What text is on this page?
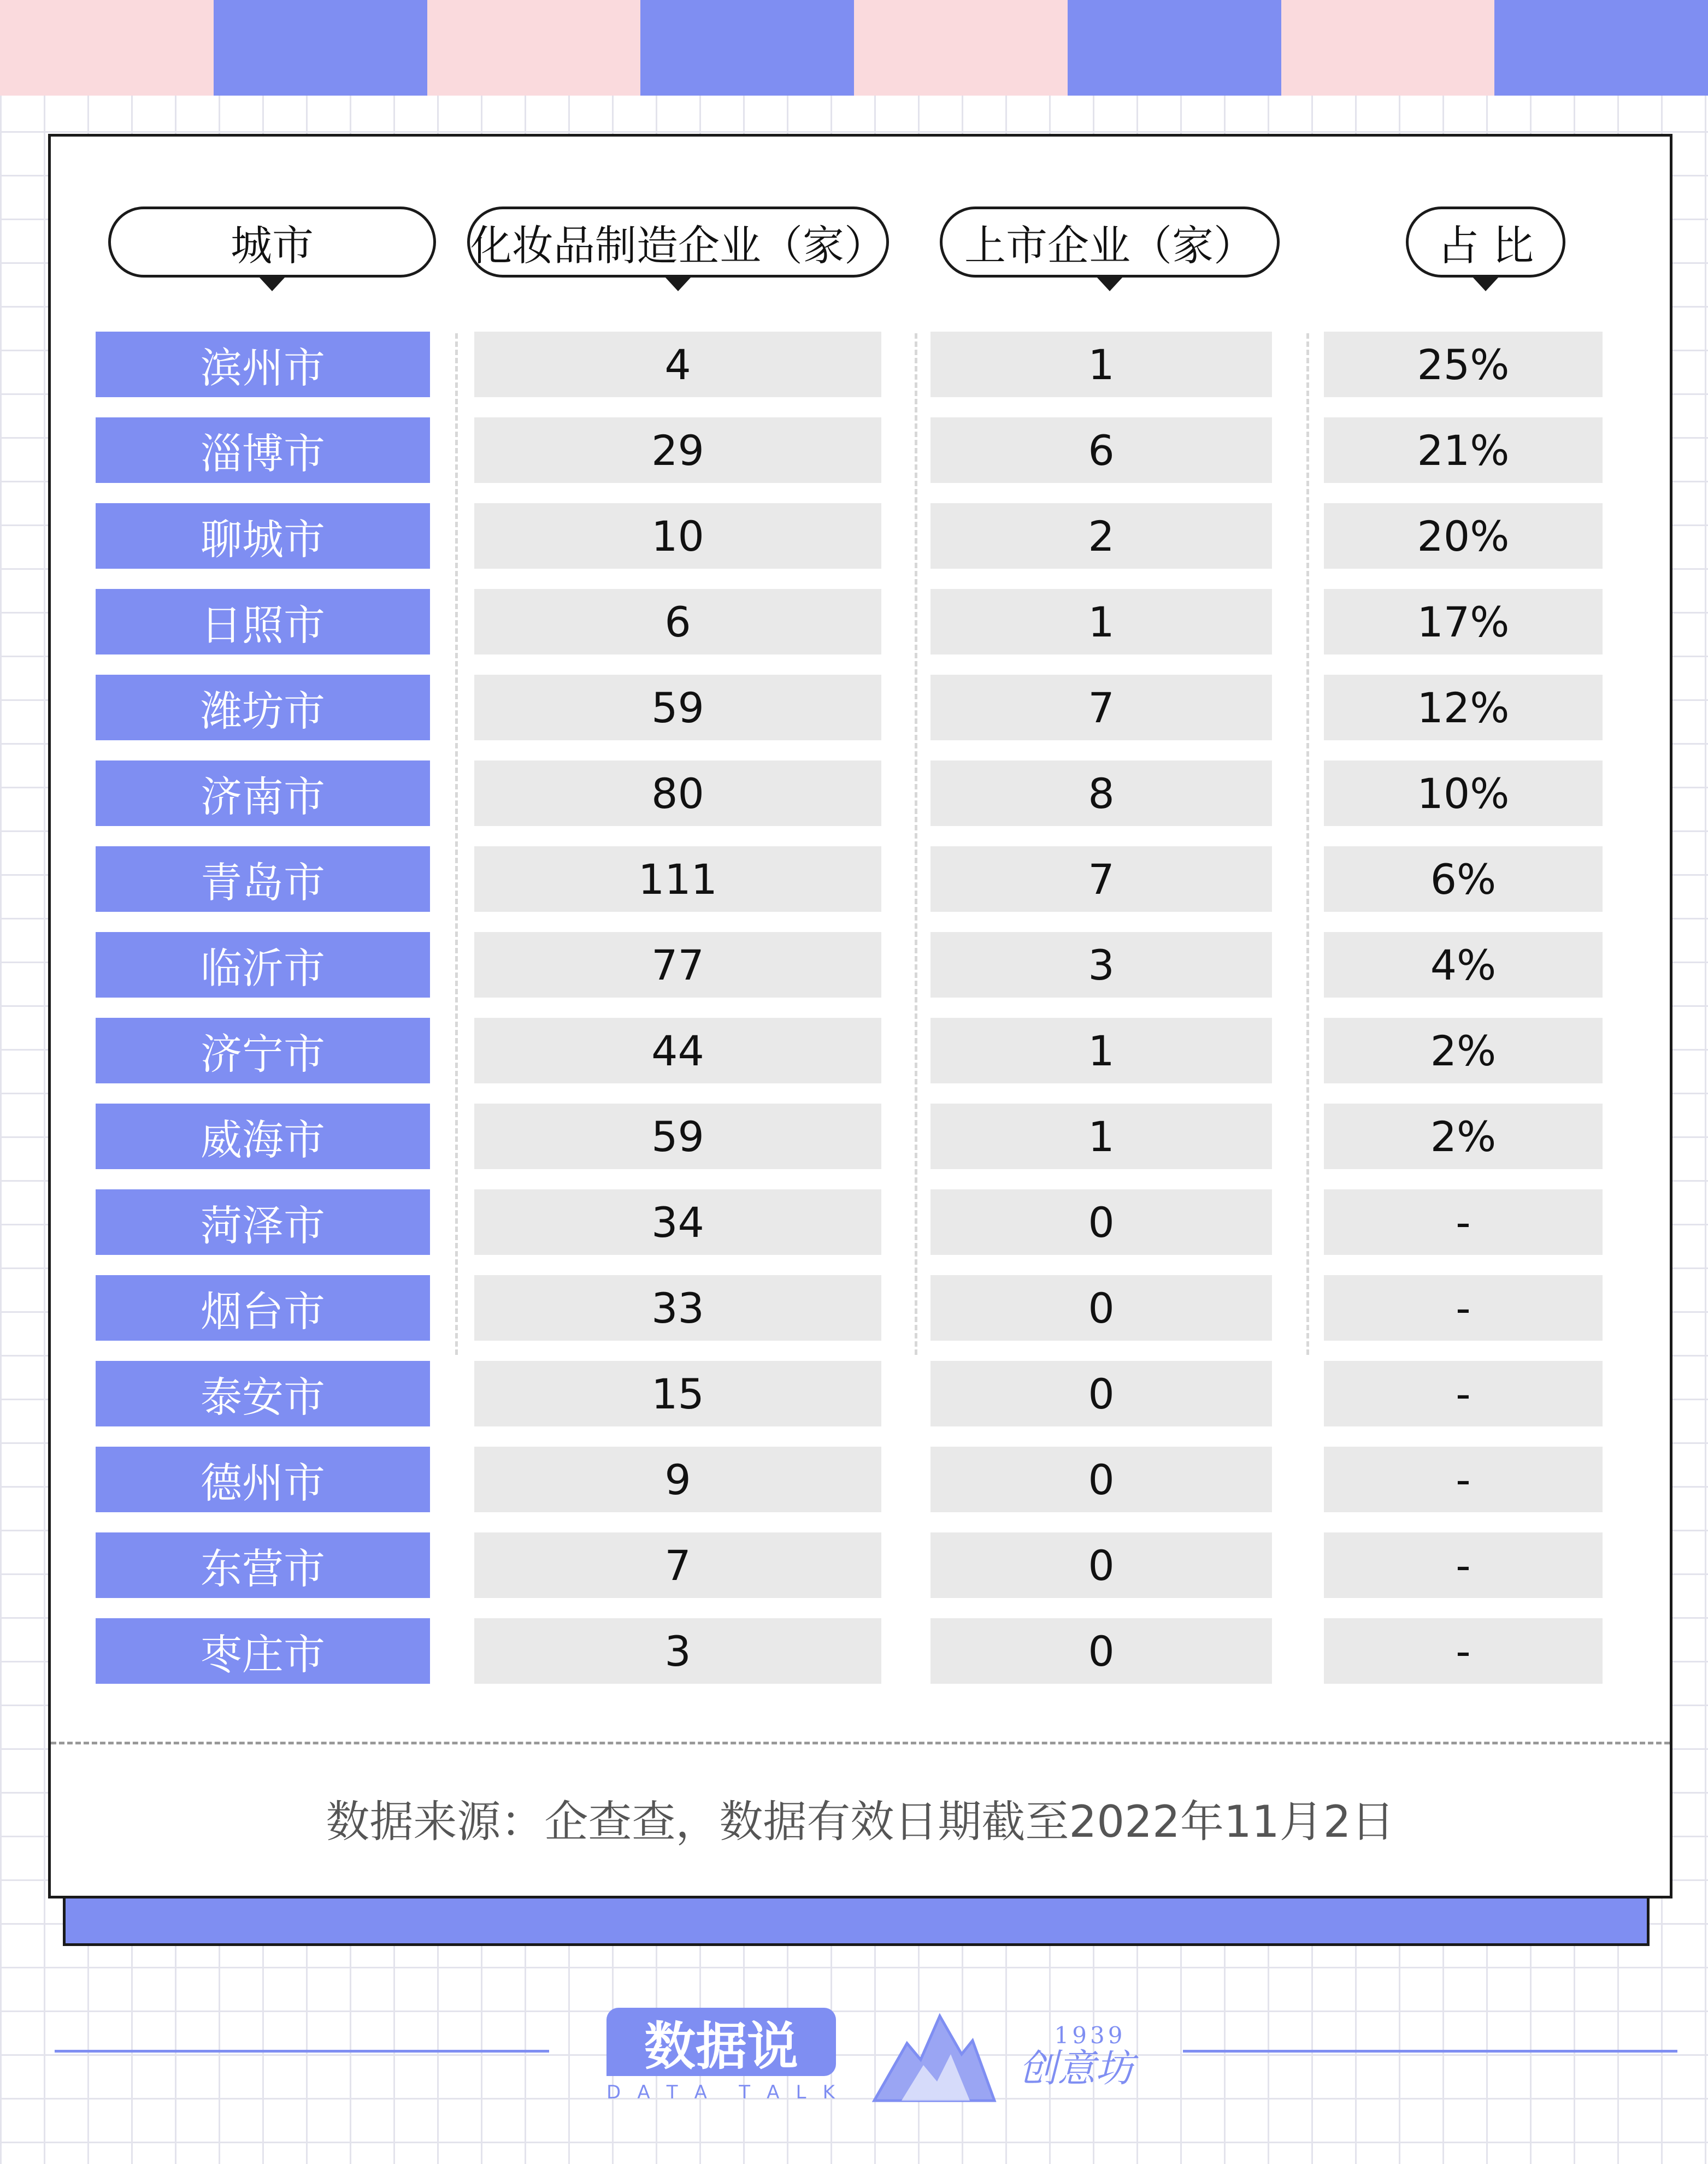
城市	化妆品制造企业（家）	上市企业（家）	占 比
滨州市	4	1	25%
淄博市	29	6	21%
聊城市	10	2	20%
日照市	6	1	17%
潍坊市	59	7	12%
济南市	80	8	10%
青岛市	111	7	6%
临沂市	77	3	4%
济宁市	44	1	2%
威海市	59	1	2%
菏泽市	34	0	-
烟台市	33	0	-
泰安市	15	0	-
德州市	9	0	-
东营市	7	0	-
枣庄市	3	0	-
数据来源：企查查，数据有效日期截至2022年11月2日
数据说
D A T A T A L K
1939
创意坊
